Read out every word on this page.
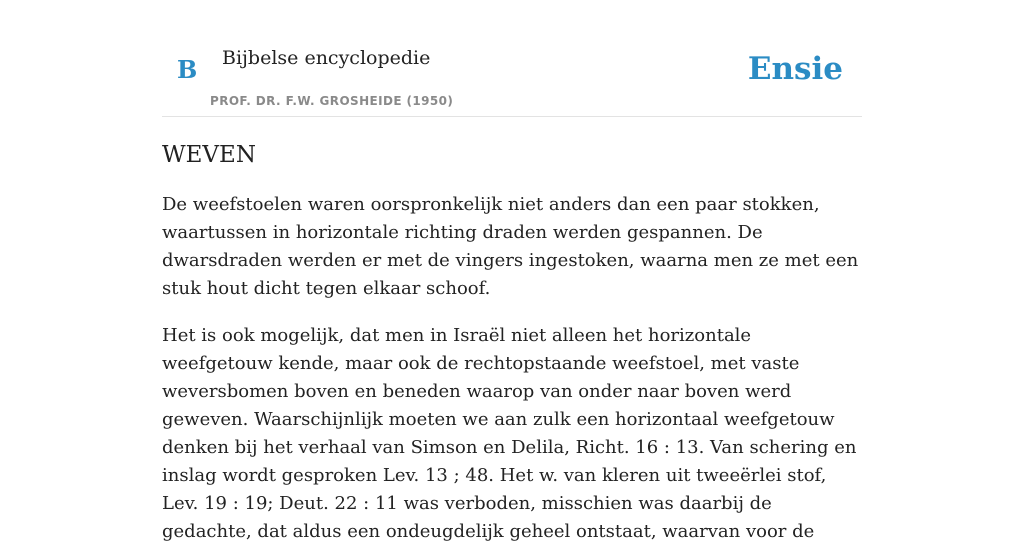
B Bijbelse encyclopedie
PROF. DR. F.W. GROSHEIDE (1950)
Ensie
WEVEN

De weefstoelen waren oorspronkelijk niet anders dan een paar stokken, waartussen in horizontale richting draden werden gespannen. De dwarsdraden werden er met de vingers ingestoken, waarna men ze met een stuk hout dicht tegen elkaar schoof.

Het is ook mogelijk, dat men in Israël niet alleen het horizontale weefgetouw kende, maar ook de rechtopstaande weefstoel, met vaste weversbomen boven en beneden waarop van onder naar boven werd geweven. Waarschijnlijk moeten we aan zulk een horizontaal weefgetouw denken bij het verhaal van Simson en Delila, Richt. 16 : 13. Van schering en inslag wordt gesproken Lev. 13 ; 48. Het w. van kleren uit tweeërlei stof, Lev. 19 : 19; Deut. 22 : 11 was verboden, misschien was daarbij de gedachte, dat aldus een ondeugdelijk geheel ontstaat, waarvan voor de
